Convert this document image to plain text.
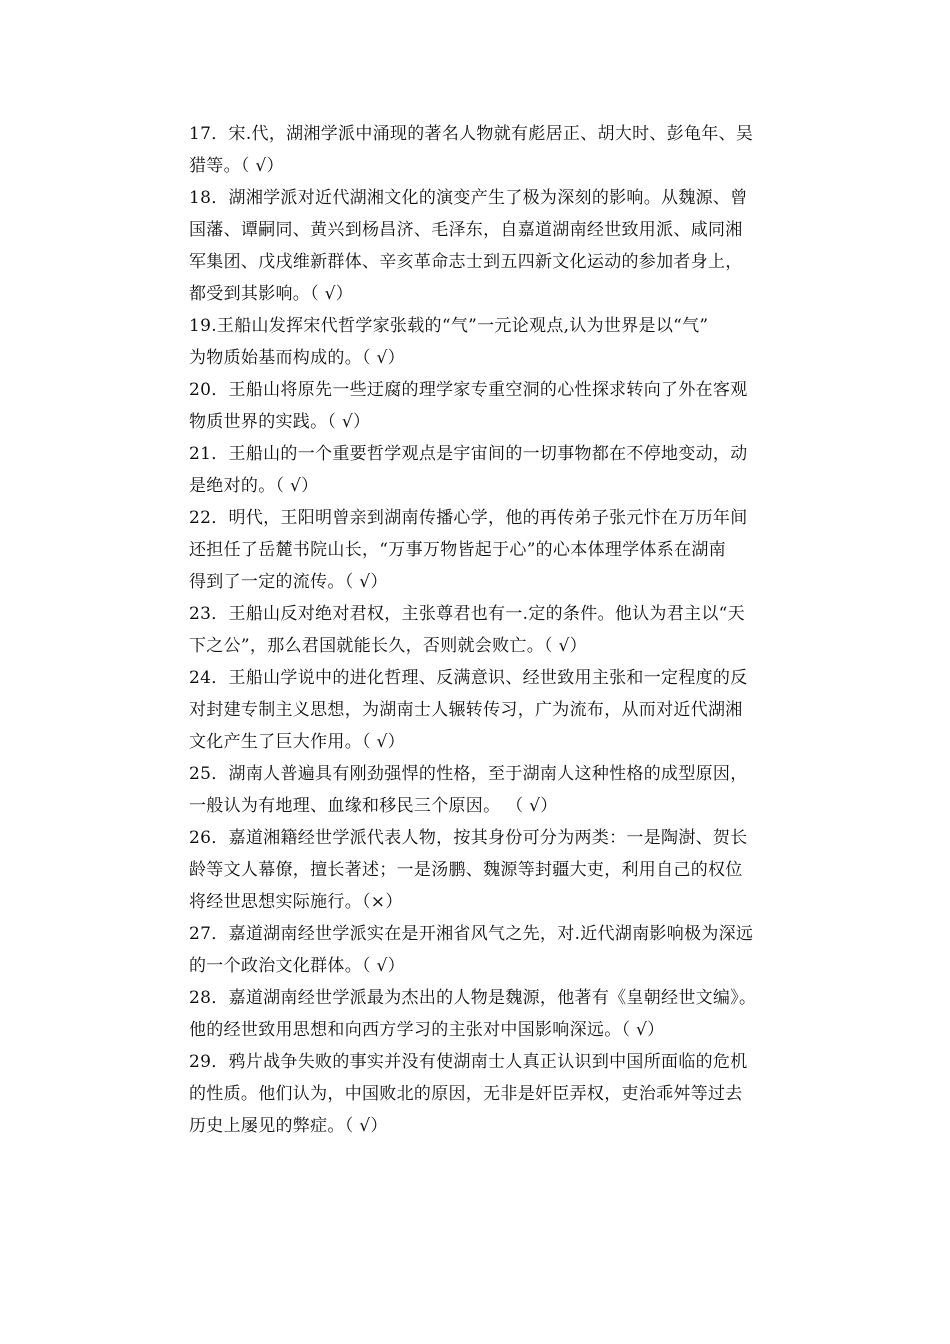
17．宋.代，湖湘学派中涌现的著名人物就有彪居正、胡大时、彭龟年、吴
猎等。（ √）
18．湖湘学派对近代湖湘文化的演变产生了极为深刻的影响。从魏源、曾
国藩、谭嗣同、黄兴到杨昌济、毛泽东，自嘉道湖南经世致用派、咸同湘
军集团、戊戌维新群体、辛亥革命志士到五四新文化运动的参加者身上，
都受到其影响。（ √）
19.王船山发挥宋代哲学家张载的“气”一元论观点,认为世界是以“气”
为物质始基而构成的。（ √）
20．王船山将原先一些迂腐的理学家专重空洞的心性探求转向了外在客观
物质世界的实践。（ √）
21．王船山的一个重要哲学观点是宇宙间的一切事物都在不停地变动，动
是绝对的。（ √）
22．明代，王阳明曾亲到湖南传播心学，他的再传弟子张元忭在万历年间
还担任了岳麓书院山长，“万事万物皆起于心”的心本体理学体系在湖南
得到了一定的流传。（ √）
23．王船山反对绝对君权，主张尊君也有一.定的条件。他认为君主以“天
下之公”，那么君国就能长久，否则就会败亡。（ √）
24．王船山学说中的进化哲理、反满意识、经世致用主张和一定程度的反
对封建专制主义思想，为湖南士人辗转传习，广为流布，从而对近代湖湘
文化产生了巨大作用。（ √）
25．湖南人普遍具有刚劲强悍的性格，至于湖南人这种性格的成型原因，
一般认为有地理、血缘和移民三个原因。 （ √）
26．嘉道湘籍经世学派代表人物，按其身份可分为两类：一是陶澍、贺长
龄等文人幕僚，擅长著述；一是汤鹏、魏源等封疆大吏，利用自己的权位
将经世思想实际施行。（×）
27．嘉道湖南经世学派实在是开湘省风气之先，对.近代湖南影响极为深远
的一个政治文化群体。（ √）
28．嘉道湖南经世学派最为杰出的人物是魏源，他著有《皇朝经世文编》。
他的经世致用思想和向西方学习的主张对中国影响深远。（ √）
29．鸦片战争失败的事实并没有使湖南士人真正认识到中国所面临的危机
的性质。他们认为，中国败北的原因，无非是奸臣弄权，吏治乖舛等过去
历史上屡见的弊症。（ √）
